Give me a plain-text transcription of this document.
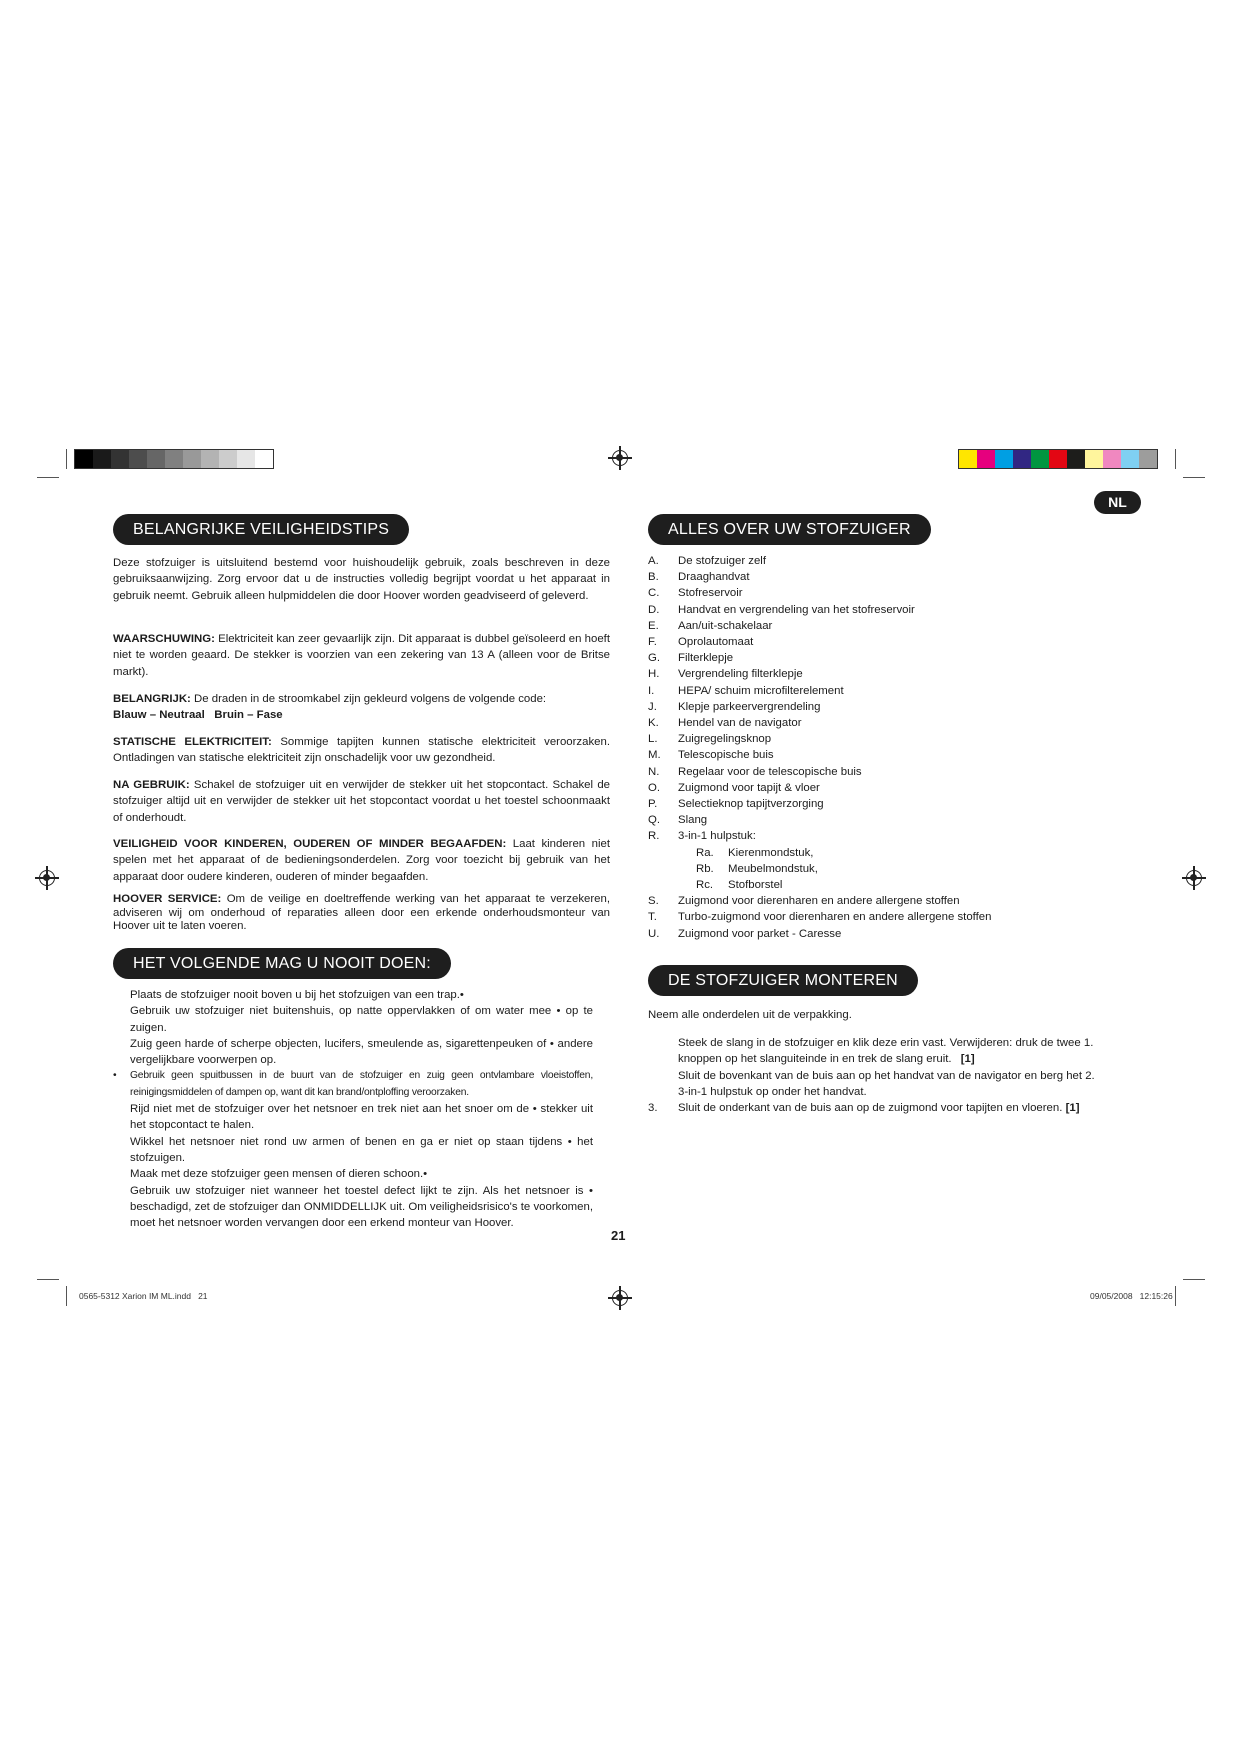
NL
BELANGRIJKE VEILIGHEIDSTIPS

Deze stofzuiger is uitsluitend bestemd voor huishoudelijk gebruik, zoals beschreven in deze gebruiksaanwijzing. Zorg ervoor dat u de instructies volledig begrijpt voordat u het apparaat in gebruik neemt. Gebruik alleen hulpmiddelen die door Hoover worden geadviseerd of geleverd.

WAARSCHUWING: Elektriciteit kan zeer gevaarlijk zijn. Dit apparaat is dubbel geïsoleerd en hoeft niet te worden geaard. De stekker is voorzien van een zekering van 13 A (alleen voor de Britse markt).

BELANGRIJK: De draden in de stroomkabel zijn gekleurd volgens de volgende code:

Blauw – Neutraal   Bruin – Fase

STATISCHE ELEKTRICITEIT: Sommige tapijten kunnen statische elektriciteit veroorzaken. Ontladingen van statische elektriciteit zijn onschadelijk voor uw gezondheid.

NA GEBRUIK: Schakel de stofzuiger uit en verwijder de stekker uit het stopcontact. Schakel de stofzuiger altijd uit en verwijder de stekker uit het stopcontact voordat u het toestel schoonmaakt of onderhoudt.

VEILIGHEID VOOR KINDEREN, OUDEREN OF MINDER BEGAAFDEN: Laat kinderen niet spelen met het apparaat of de bedieningsonderdelen. Zorg voor toezicht bij gebruik van het apparaat door oudere kinderen, ouderen of minder begaafden.

HOOVER SERVICE: Om de veilige en doeltreffende werking van het apparaat te verzekeren, adviseren wij om onderhoud of reparaties alleen door een erkende onderhoudsmonteur van Hoover uit te laten voeren.

HET VOLGENDE MAG U NOOIT DOEN:
Plaats de stofzuiger nooit boven u bij het stofzuigen van een trap.•
Gebruik uw stofzuiger niet buitenshuis, op natte oppervlakken of om water mee • op te zuigen.
Zuig geen harde of scherpe objecten, lucifers, smeulende as, sigarettenpeuken of • andere vergelijkbare voorwerpen op.
• Gebruik geen spuitbussen in de buurt van de stofzuiger en zuig geen ontvlambare vloeistoffen, reinigingsmiddelen of dampen op, want dit kan brand/ontploffing veroorzaken.
Rijd niet met de stofzuiger over het netsnoer en trek niet aan het snoer om de • stekker uit het stopcontact te halen.
Wikkel het netsnoer niet rond uw armen of benen en ga er niet op staan tijdens • het stofzuigen.
Maak met deze stofzuiger geen mensen of dieren schoon.•
Gebruik uw stofzuiger niet wanneer het toestel defect lijkt te zijn. Als het netsnoer is • beschadigd, zet de stofzuiger dan ONMIDDELLIJK uit. Om veiligheidsrisico's te voorkomen, moet het netsnoer worden vervangen door een erkend monteur van Hoover.
ALLES OVER UW STOFZUIGER
A.	De stofzuiger zelf
B.	Draaghandvat
C.	Stofreservoir
D.	Handvat en vergrendeling van het stofreservoir
E.	Aan/uit-schakelaar
F.	Oprolautomaat
G.	Filterklepje
H.	Vergrendeling filterklepje
I.	HEPA/ schuim microfilterelement
J.	Klepje parkeervergrendeling
K.	Hendel van de navigator
L.	Zuigregelingsknop
M.	Telescopische buis
N.	Regelaar voor de telescopische buis
O.	Zuigmond voor tapijt & vloer
P.	Selectieknop tapijtverzorging
Q.	Slang
R.	3-in-1 hulpstuk:
Ra.	Kierenmondstuk,
Rb.	Meubelmondstuk,
Rc.	Stofborstel
S.	Zuigmond voor dierenharen en andere allergene stoffen
T.	Turbo-zuigmond voor dierenharen en andere allergene stoffen
U.	Zuigmond voor parket - Caresse
DE STOFZUIGER MONTEREN
Neem alle onderdelen uit de verpakking.
Steek de slang in de stofzuiger en klik deze erin vast. Verwijderen: druk de twee 1.
knoppen op het slanguiteinde in en trek de slang eruit. [1]
Sluit de bovenkant van de buis aan op het handvat van de navigator en berg het 2.
3-in-1 hulpstuk op onder het handvat.
3.	Sluit de onderkant van de buis aan op de zuigmond voor tapijten en vloeren. [1]
21
0565-5312 Xarion IM ML.indd   21	09/05/2008   12:15:26
